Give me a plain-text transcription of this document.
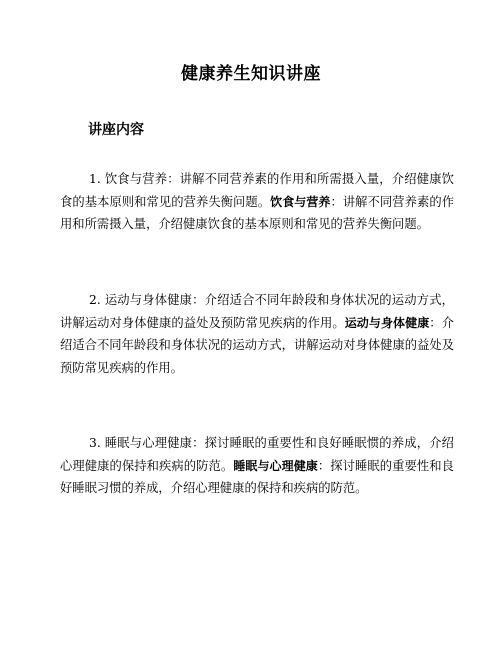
健康养生知识讲座
讲座内容

1. 饮食与营养：讲解不同营养素的作用和所需摄入量，介绍健康饮食的基本原则和常见的营养失衡问题。饮食与营养：讲解不同营养素的作用和所需摄入量，介绍健康饮食的基本原则和常见的营养失衡问题。

2. 运动与身体健康：介绍适合不同年龄段和身体状况的运动方式，讲解运动对身体健康的益处及预防常见疾病的作用。运动与身体健康：介绍适合不同年龄段和身体状况的运动方式，讲解运动对身体健康的益处及预防常见疾病的作用。

3. 睡眠与心理健康：探讨睡眠的重要性和良好睡眠惯的养成，介绍心理健康的保持和疾病的防范。睡眠与心理健康：探讨睡眠的重要性和良好睡眠习惯的养成，介绍心理健康的保持和疾病的防范。
